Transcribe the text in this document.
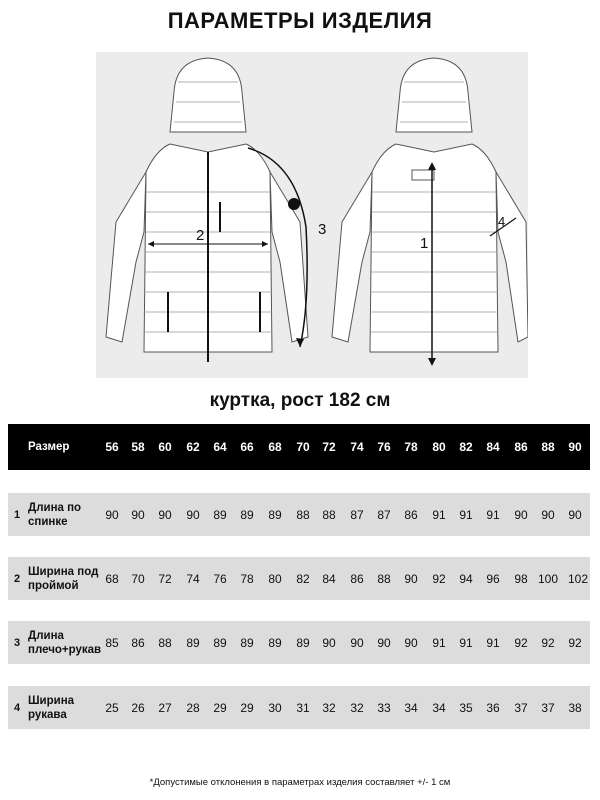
ПАРАМЕТРЫ ИЗДЕЛИЯ
2	3
1
4
куртка, рост 182 см
Размер	56	58	60	62	64	66	68	70	72	74	76	78	80	82	84	86	88	90
1
Длина по спинке	90	90	90	90	89	89	89	88	88	87	87	86	91	91	91	90	90	90
2
Ширина под проймой	68	70	72	74	76	78	80	82	84	86	88	90	92	94	96	98 100 102
3
Длина плечо+рукав 85	86	88	89	89	89	89	89	90	90	90	90	91	91	91	92	92	92
4
Ширина рукава	25	26	27	28	29	29	30	31	32	32	33	34	34	35	36	37	37	38
*Допустимые отклонения в параметрах изделия составляет +/- 1 см
